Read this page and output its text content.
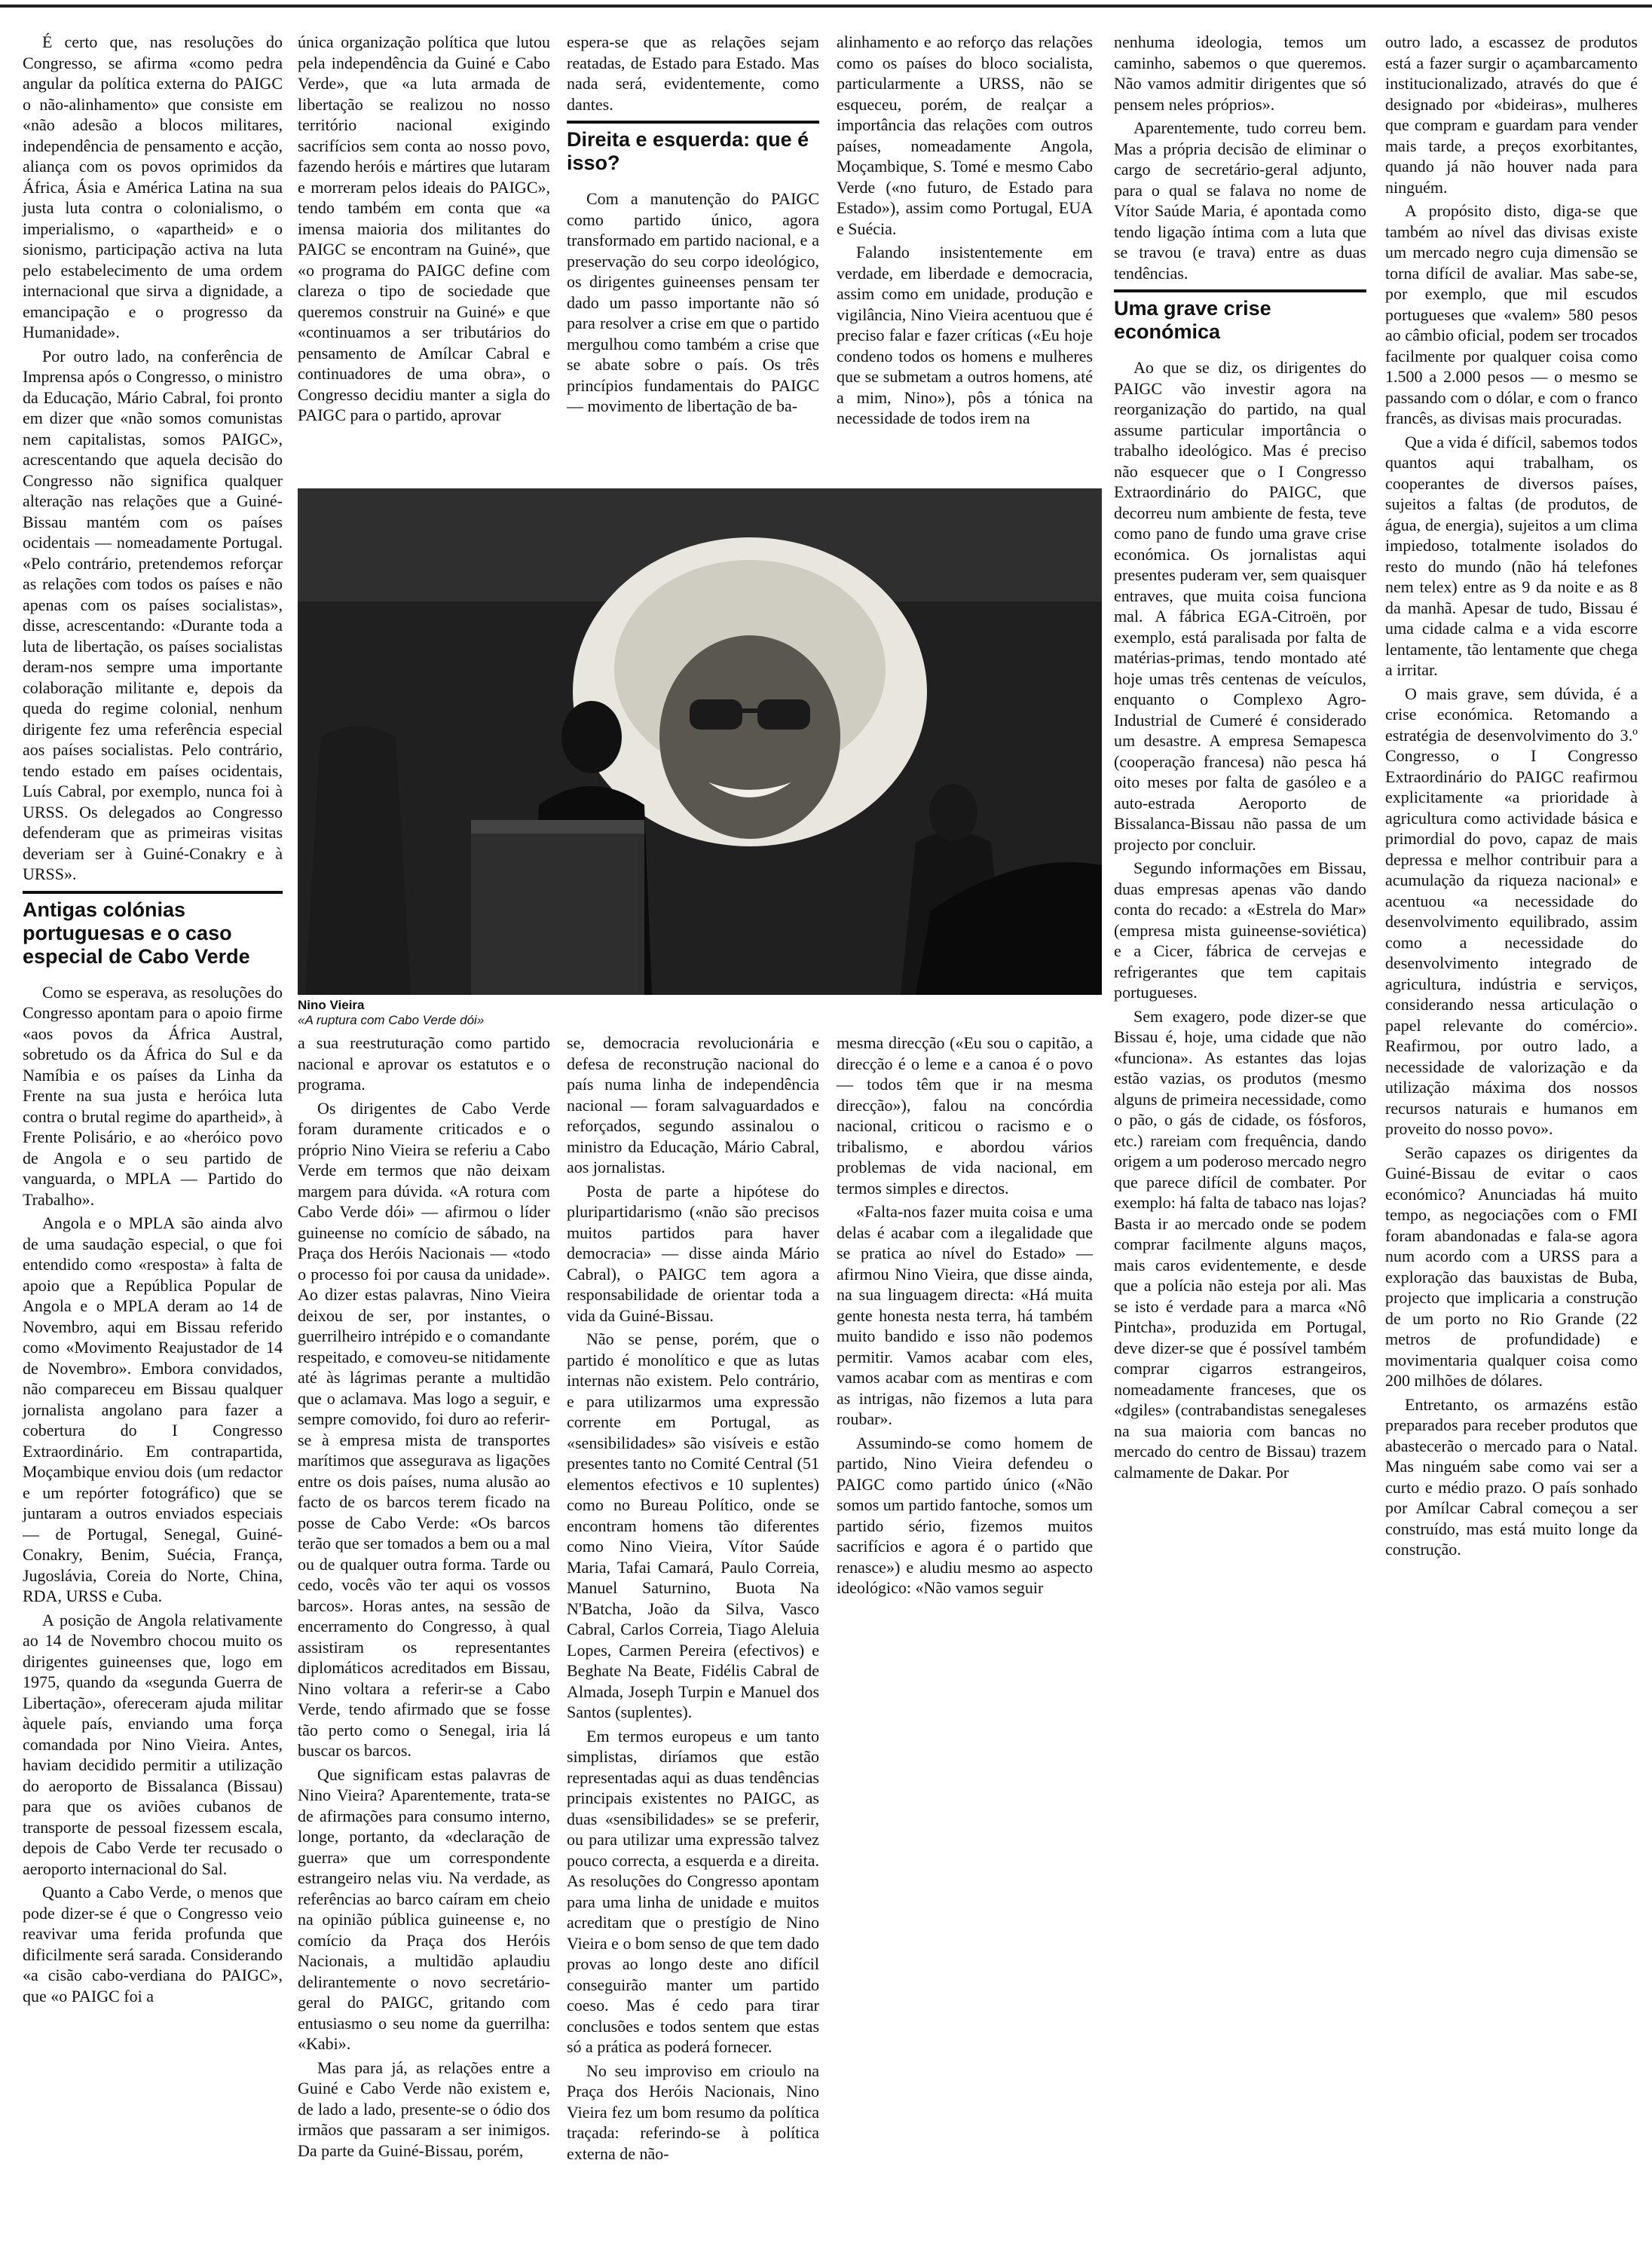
É certo que, nas resoluções do Congresso, se afirma «como pedra angular da política externa do PAIGC o não-alinhamento» que consiste em «não adesão a blocos militares, independência de pensamento e acção, aliança com os povos oprimidos da África, Ásia e América Latina na sua justa luta contra o colonialismo, o imperialismo, o «apartheid» e o sionismo, participação activa na luta pelo estabelecimento de uma ordem internacional que sirva a dignidade, a emancipação e o progresso da Humanidade».

Por outro lado, na conferência de Imprensa após o Congresso, o ministro da Educação, Mário Cabral, foi pronto em dizer que «não somos comunistas nem capitalistas, somos PAIGC», acrescentando que aquela decisão do Congresso não significa qualquer alteração nas relações que a Guiné-Bissau mantém com os países ocidentais — nomeadamente Portugal. «Pelo contrário, pretendemos reforçar as relações com todos os países e não apenas com os países socialistas», disse, acrescentando: «Durante toda a luta de libertação, os países socialistas deram-nos sempre uma importante colaboração militante e, depois da queda do regime colonial, nenhum dirigente fez uma referência especial aos países socialistas. Pelo contrário, tendo estado em países ocidentais, Luís Cabral, por exemplo, nunca foi à URSS. Os delegados ao Congresso defenderam que as primeiras visitas deveriam ser à Guiné-Conakry e à URSS».

Antigas colónias portuguesas e o caso especial de Cabo Verde

Como se esperava, as resoluções do Congresso apontam para o apoio firme «aos povos da África Austral, sobretudo os da África do Sul e da Namíbia e os países da Linha da Frente na sua justa e heróica luta contra o brutal regime do apartheid», à Frente Polisário, e ao «heróico povo de Angola e o seu partido de vanguarda, o MPLA — Partido do Trabalho».

Angola e o MPLA são ainda alvo de uma saudação especial, o que foi entendido como «resposta» à falta de apoio que a República Popular de Angola e o MPLA deram ao 14 de Novembro, aqui em Bissau referido como «Movimento Reajustador de 14 de Novembro». Embora convidados, não compareceu em Bissau qualquer jornalista angolano para fazer a cobertura do I Congresso Extraordinário. Em contrapartida, Moçambique enviou dois (um redactor e um repórter fotográfico) que se juntaram a outros enviados especiais — de Portugal, Senegal, Guiné-Conakry, Benim, Suécia, França, Jugoslávia, Coreia do Norte, China, RDA, URSS e Cuba.

A posição de Angola relativamente ao 14 de Novembro chocou muito os dirigentes guineenses que, logo em 1975, quando da «segunda Guerra de Libertação», ofereceram ajuda militar àquele país, enviando uma força comandada por Nino Vieira. Antes, haviam decidido permitir a utilização do aeroporto de Bissalanca (Bissau) para que os aviões cubanos de transporte de pessoal fizessem escala, depois de Cabo Verde ter recusado o aeroporto internacional do Sal.

Quanto a Cabo Verde, o menos que pode dizer-se é que o Congresso veio reavivar uma ferida profunda que dificilmente será sarada. Considerando «a cisão cabo-verdiana do PAIGC», que «o PAIGC foi a

única organização política que lutou pela independência da Guiné e Cabo Verde», que «a luta armada de libertação se realizou no nosso território nacional exigindo sacrifícios sem conta ao nosso povo, fazendo heróis e mártires que lutaram e morreram pelos ideais do PAIGC», tendo também em conta que «a imensa maioria dos militantes do PAIGC se encontram na Guiné», que «o programa do PAIGC define com clareza o tipo de sociedade que queremos construir na Guiné» e que «continuamos a ser tributários do pensamento de Amílcar Cabral e continuadores de uma obra», o Congresso decidiu manter a sigla do PAIGC para o partido, aprovar

a sua reestruturação como partido nacional e aprovar os estatutos e o programa.

Os dirigentes de Cabo Verde foram duramente criticados e o próprio Nino Vieira se referiu a Cabo Verde em termos que não deixam margem para dúvida. «A rotura com Cabo Verde dói» — afirmou o líder guineense no comício de sábado, na Praça dos Heróis Nacionais — «todo o processo foi por causa da unidade». Ao dizer estas palavras, Nino Vieira deixou de ser, por instantes, o guerrilheiro intrépido e o comandante respeitado, e comoveu-se nitidamente até às lágrimas perante a multidão que o aclamava. Mas logo a seguir, e sempre comovido, foi duro ao referir-se à empresa mista de transportes marítimos que assegurava as ligações entre os dois países, numa alusão ao facto de os barcos terem ficado na posse de Cabo Verde: «Os barcos terão que ser tomados a bem ou a mal ou de qualquer outra forma. Tarde ou cedo, vocês vão ter aqui os vossos barcos». Horas antes, na sessão de encerramento do Congresso, à qual assistiram os representantes diplomáticos acreditados em Bissau, Nino voltara a referir-se a Cabo Verde, tendo afirmado que se fosse tão perto como o Senegal, iria lá buscar os barcos.

Que significam estas palavras de Nino Vieira? Aparentemente, trata-se de afirmações para consumo interno, longe, portanto, da «declaração de guerra» que um correspondente estrangeiro nelas viu. Na verdade, as referências ao barco caíram em cheio na opinião pública guineense e, no comício da Praça dos Heróis Nacionais, a multidão aplaudiu delirantemente o novo secretário-geral do PAIGC, gritando com entusiasmo o seu nome da guerrilha: «Kabi».

Mas para já, as relações entre a Guiné e Cabo Verde não existem e, de lado a lado, presente-se o ódio dos irmãos que passaram a ser inimigos. Da parte da Guiné-Bissau, porém,

espera-se que as relações sejam reatadas, de Estado para Estado. Mas nada será, evidentemente, como dantes.

Direita e esquerda: que é isso?

Com a manutenção do PAIGC como partido único, agora transformado em partido nacional, e a preservação do seu corpo ideológico, os dirigentes guineenses pensam ter dado um passo importante não só para resolver a crise em que o partido mergulhou como também a crise que se abate sobre o país. Os três princípios fundamentais do PAIGC — movimento de libertação de ba-

se, democracia revolucionária e defesa de reconstrução nacional do país numa linha de independência nacional — foram salvaguardados e reforçados, segundo assinalou o ministro da Educação, Mário Cabral, aos jornalistas.

Posta de parte a hipótese do pluripartidarismo («não são precisos muitos partidos para haver democracia» — disse ainda Mário Cabral), o PAIGC tem agora a responsabilidade de orientar toda a vida da Guiné-Bissau.

Não se pense, porém, que o partido é monolítico e que as lutas internas não existem. Pelo contrário, e para utilizarmos uma expressão corrente em Portugal, as «sensibilidades» são visíveis e estão presentes tanto no Comité Central (51 elementos efectivos e 10 suplentes) como no Bureau Político, onde se encontram homens tão diferentes como Nino Vieira, Vítor Saúde Maria, Tafai Camará, Paulo Correia, Manuel Saturnino, Buota Na N'Batcha, João da Silva, Vasco Cabral, Carlos Correia, Tiago Aleluia Lopes, Carmen Pereira (efectivos) e Beghate Na Beate, Fidélis Cabral de Almada, Joseph Turpin e Manuel dos Santos (suplentes).

Em termos europeus e um tanto simplistas, diríamos que estão representadas aqui as duas tendências principais existentes no PAIGC, as duas «sensibilidades» se se preferir, ou para utilizar uma expressão talvez pouco correcta, a esquerda e a direita. As resoluções do Congresso apontam para uma linha de unidade e muitos acreditam que o prestígio de Nino Vieira e o bom senso de que tem dado provas ao longo deste ano difícil conseguirão manter um partido coeso. Mas é cedo para tirar conclusões e todos sentem que estas só a prática as poderá fornecer.

No seu improviso em crioulo na Praça dos Heróis Nacionais, Nino Vieira fez um bom resumo da política traçada: referindo-se à política externa de não-

alinhamento e ao reforço das relações como os países do bloco socialista, particularmente a URSS, não se esqueceu, porém, de realçar a importância das relações com outros países, nomeadamente Angola, Moçambique, S. Tomé e mesmo Cabo Verde («no futuro, de Estado para Estado»), assim como Portugal, EUA e Suécia.

Falando insistentemente em verdade, em liberdade e democracia, assim como em unidade, produção e vigilância, Nino Vieira acentuou que é preciso falar e fazer críticas («Eu hoje condeno todos os homens e mulheres que se submetam a outros homens, até a mim, Nino»), pôs a tónica na necessidade de todos irem na

mesma direcção («Eu sou o capitão, a direcção é o leme e a canoa é o povo — todos têm que ir na mesma direcção»), falou na concórdia nacional, criticou o racismo e o tribalismo, e abordou vários problemas de vida nacional, em termos simples e directos.

«Falta-nos fazer muita coisa e uma delas é acabar com a ilegalidade que se pratica ao nível do Estado» — afirmou Nino Vieira, que disse ainda, na sua linguagem directa: «Há muita gente honesta nesta terra, há também muito bandido e isso não podemos permitir. Vamos acabar com eles, vamos acabar com as mentiras e com as intrigas, não fizemos a luta para roubar».

Assumindo-se como homem de partido, Nino Vieira defendeu o PAIGC como partido único («Não somos um partido fantoche, somos um partido sério, fizemos muitos sacrifícios e agora é o partido que renasce») e aludiu mesmo ao aspecto ideológico: «Não vamos seguir

nenhuma ideologia, temos um caminho, sabemos o que queremos. Não vamos admitir dirigentes que só pensem neles próprios».

Aparentemente, tudo correu bem. Mas a própria decisão de eliminar o cargo de secretário-geral adjunto, para o qual se falava no nome de Vítor Saúde Maria, é apontada como tendo ligação íntima com a luta que se travou (e trava) entre as duas tendências.

Uma grave crise económica

Ao que se diz, os dirigentes do PAIGC vão investir agora na reorganização do partido, na qual assume particular importância o trabalho ideológico. Mas é preciso não esquecer que o I Congresso Extraordinário do PAIGC, que decorreu num ambiente de festa, teve como pano de fundo uma grave crise económica. Os jornalistas aqui presentes puderam ver, sem quaisquer entraves, que muita coisa funciona mal. A fábrica EGA-Citroën, por exemplo, está paralisada por falta de matérias-primas, tendo montado até hoje umas três centenas de veículos, enquanto o Complexo Agro-Industrial de Cumeré é considerado um desastre. A empresa Semapesca (cooperação francesa) não pesca há oito meses por falta de gasóleo e a auto-estrada Aeroporto de Bissalanca-Bissau não passa de um projecto por concluir.

Segundo informações em Bissau, duas empresas apenas vão dando conta do recado: a «Estrela do Mar» (empresa mista guineense-soviética) e a Cicer, fábrica de cervejas e refrigerantes que tem capitais portugueses.

Sem exagero, pode dizer-se que Bissau é, hoje, uma cidade que não «funciona». As estantes das lojas estão vazias, os produtos (mesmo alguns de primeira necessidade, como o pão, o gás de cidade, os fósforos, etc.) rareiam com frequência, dando origem a um poderoso mercado negro que parece difícil de combater. Por exemplo: há falta de tabaco nas lojas? Basta ir ao mercado onde se podem comprar facilmente alguns maços, mais caros evidentemente, e desde que a polícia não esteja por ali. Mas se isto é verdade para a marca «Nô Pintcha», produzida em Portugal, deve dizer-se que é possível também comprar cigarros estrangeiros, nomeadamente franceses, que os «dgiles» (contrabandistas senegaleses na sua maioria com bancas no mercado do centro de Bissau) trazem calmamente de Dakar. Por

outro lado, a escassez de produtos está a fazer surgir o açambarcamento institucionalizado, através do que é designado por «bideiras», mulheres que compram e guardam para vender mais tarde, a preços exorbitantes, quando já não houver nada para ninguém.

A propósito disto, diga-se que também ao nível das divisas existe um mercado negro cuja dimensão se torna difícil de avaliar. Mas sabe-se, por exemplo, que mil escudos portugueses que «valem» 580 pesos ao câmbio oficial, podem ser trocados facilmente por qualquer coisa como 1.500 a 2.000 pesos — o mesmo se passando com o dólar, e com o franco francês, as divisas mais procuradas.

Que a vida é difícil, sabemos todos quantos aqui trabalham, os cooperantes de diversos países, sujeitos a faltas (de produtos, de água, de energia), sujeitos a um clima impiedoso, totalmente isolados do resto do mundo (não há telefones nem telex) entre as 9 da noite e as 8 da manhã. Apesar de tudo, Bissau é uma cidade calma e a vida escorre lentamente, tão lentamente que chega a irritar.

O mais grave, sem dúvida, é a crise económica. Retomando a estratégia de desenvolvimento do 3.º Congresso, o I Congresso Extraordinário do PAIGC reafirmou explicitamente «a prioridade à agricultura como actividade básica e primordial do povo, capaz de mais depressa e melhor contribuir para a acumulação da riqueza nacional» e acentuou «a necessidade do desenvolvimento equilibrado, assim como a necessidade do desenvolvimento integrado de agricultura, indústria e serviços, considerando nessa articulação o papel relevante do comércio». Reafirmou, por outro lado, a necessidade de valorização e da utilização máxima dos nossos recursos naturais e humanos em proveito do nosso povo».

Serão capazes os dirigentes da Guiné-Bissau de evitar o caos económico? Anunciadas há muito tempo, as negociações com o FMI foram abandonadas e fala-se agora num acordo com a URSS para a exploração das bauxistas de Buba, projecto que implicaria a construção de um porto no Rio Grande (22 metros de profundidade) e movimentaria qualquer coisa como 200 milhões de dólares.

Entretanto, os armazéns estão preparados para receber produtos que abastecerão o mercado para o Natal. Mas ninguém sabe como vai ser a curto e médio prazo. O país sonhado por Amílcar Cabral começou a ser construído, mas está muito longe da construção.

Nino Vieira
«A ruptura com Cabo Verde dói»
